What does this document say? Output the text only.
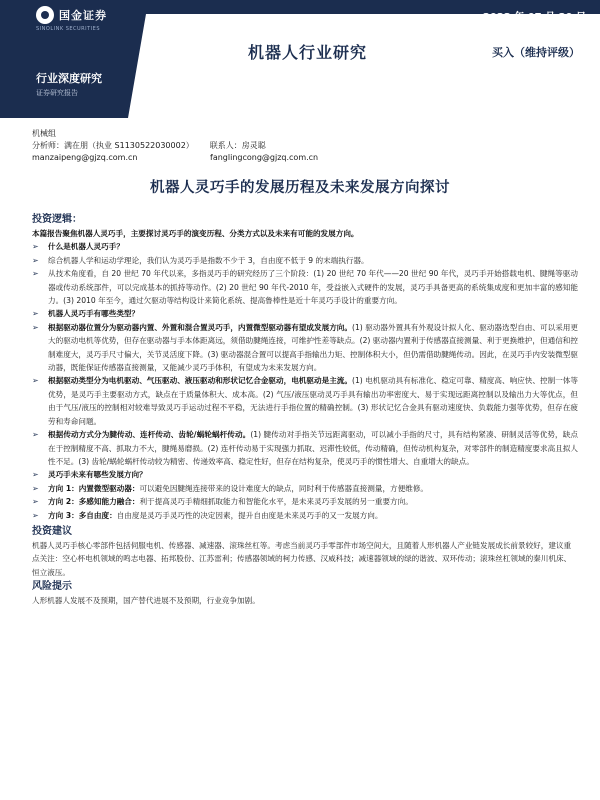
国金证券
SINOLINK SECURITIES
2023 年 07 月 20 日
机器人行业研究	买入（维持评级）
行业深度研究
证券研究报告
机械组
分析师：满在朋（执业 S1130522030002） 联系人：房灵聪
manzaipeng@gjzq.com.cn	fanglingcong@gjzq.com.cn
机器人灵巧手的发展历程及未来发展方向探讨
投资逻辑：
本篇报告聚焦机器人灵巧手，主要探讨灵巧手的演变历程、分类方式以及未来有可能的发展方向。
➢	什么是机器人灵巧手？
➢	综合机器人学和运动学理论，我们认为灵巧手是指数不少于 3，自由度不低于 9 的末端执行器。
➢	从技术角度看，自 20 世纪 70 年代以来，多指灵巧手的研究经历了三个阶段：(1) 20 世纪 70 年代——20 世纪 90 年代，灵巧手开始搭载电机、腱绳等驱动器或传动系统部件，可以完成基本的抓持等动作。(2) 20 世纪 90 年代-2010 年，受益嵌入式硬件的发展，灵巧手具备更高的系统集成度和更加丰富的感知能力。(3) 2010 年至今，通过欠驱动等结构设计来简化系统、提高鲁棒性是近十年灵巧手设计的重要方向。
➢	机器人灵巧手有哪些类型？
➢	根据驱动器位置分为驱动器内置、外置和混合置灵巧手，内置微型驱动器有望成发展方向。(1) 驱动器外置具有外观设计拟人化、驱动器选型自由、可以采用更大的驱动电机等优势，但存在驱动器与手本体距离远，须借助腱绳连接，可维护性差等缺点。(2) 驱动器内置利于传感器直接测量、利于更换维护，但通信和控制难度大，灵巧手尺寸偏大，关节灵活度下降。(3) 驱动器混合置可以提高手指输出力矩、控制体积大小，但仍需借助腱绳传动。因此，在灵巧手内安装微型驱动器，既能保证传感器直接测量，又能减少灵巧手体积，有望成为未来发展方向。
➢	根据驱动类型分为电机驱动、气压驱动、液压驱动和形状记忆合金驱动，电机驱动是主流。(1) 电机驱动具有标准化、稳定可靠、精度高、响应快、控制一体等优势，是灵巧手主要驱动方式，缺点在于质量体积大、成本高。(2) 气压/液压驱动灵巧手具有输出功率密度大、易于实现远距离控制以及输出力大等优点，但由于气压/液压的控制相对较难导致灵巧手运动过程不平稳，无法进行手指位置的精确控制。(3) 形状记忆合金具有驱动速度快、负载能力强等优势，但存在疲劳和寿命问题。
➢	根据传动方式分为腱传动、连杆传动、齿轮/蜗轮蜗杆传动。(1) 腱传动对手指关节远距离驱动，可以减小手指的尺寸，具有结构紧凑、研制灵活等优势，缺点在于控制精度不高、抓取力不大，腱绳易磨损。(2) 连杆传动易于实现强力抓取、迟滞性较低，传动精确，但传动机构复杂，对零部件的制造精度要求高且拟人性不足。(3) 齿轮/蜗轮蜗杆传动较为精密、传递效率高、稳定性好，但存在结构复杂，使灵巧手的惯性增大、自重增大的缺点。
➢	灵巧手未来有哪些发展方向？
➢	方向 1：内置微型驱动器：可以避免因腱绳连接带来的设计难度大的缺点，同时利于传感器直接测量，方便维修。
➢	方向 2：多感知能力融合：利于提高灵巧手精细抓取能力和智能化水平，是未来灵巧手发展的另一重要方向。
➢	方向 3：多自由度：自由度是灵巧手灵巧性的决定因素，提升自由度是未来灵巧手的又一发展方向。
投资建议
机器人灵巧手核心零部件包括伺服电机、传感器、减速器、滚珠丝杠等。考虑当前灵巧手零部件市场空间大，且随着人形机器人产业链发展成长前景较好，建议重点关注：空心杯电机领域的鸣志电器、拓邦股份、江苏雷利；传感器领域的柯力传感、汉威科技；减速器领域的绿的谐波、双环传动；滚珠丝杠领域的秦川机床、恒立液压。
风险提示
人形机器人发展不及预期，国产替代进展不及预期，行业竞争加剧。
